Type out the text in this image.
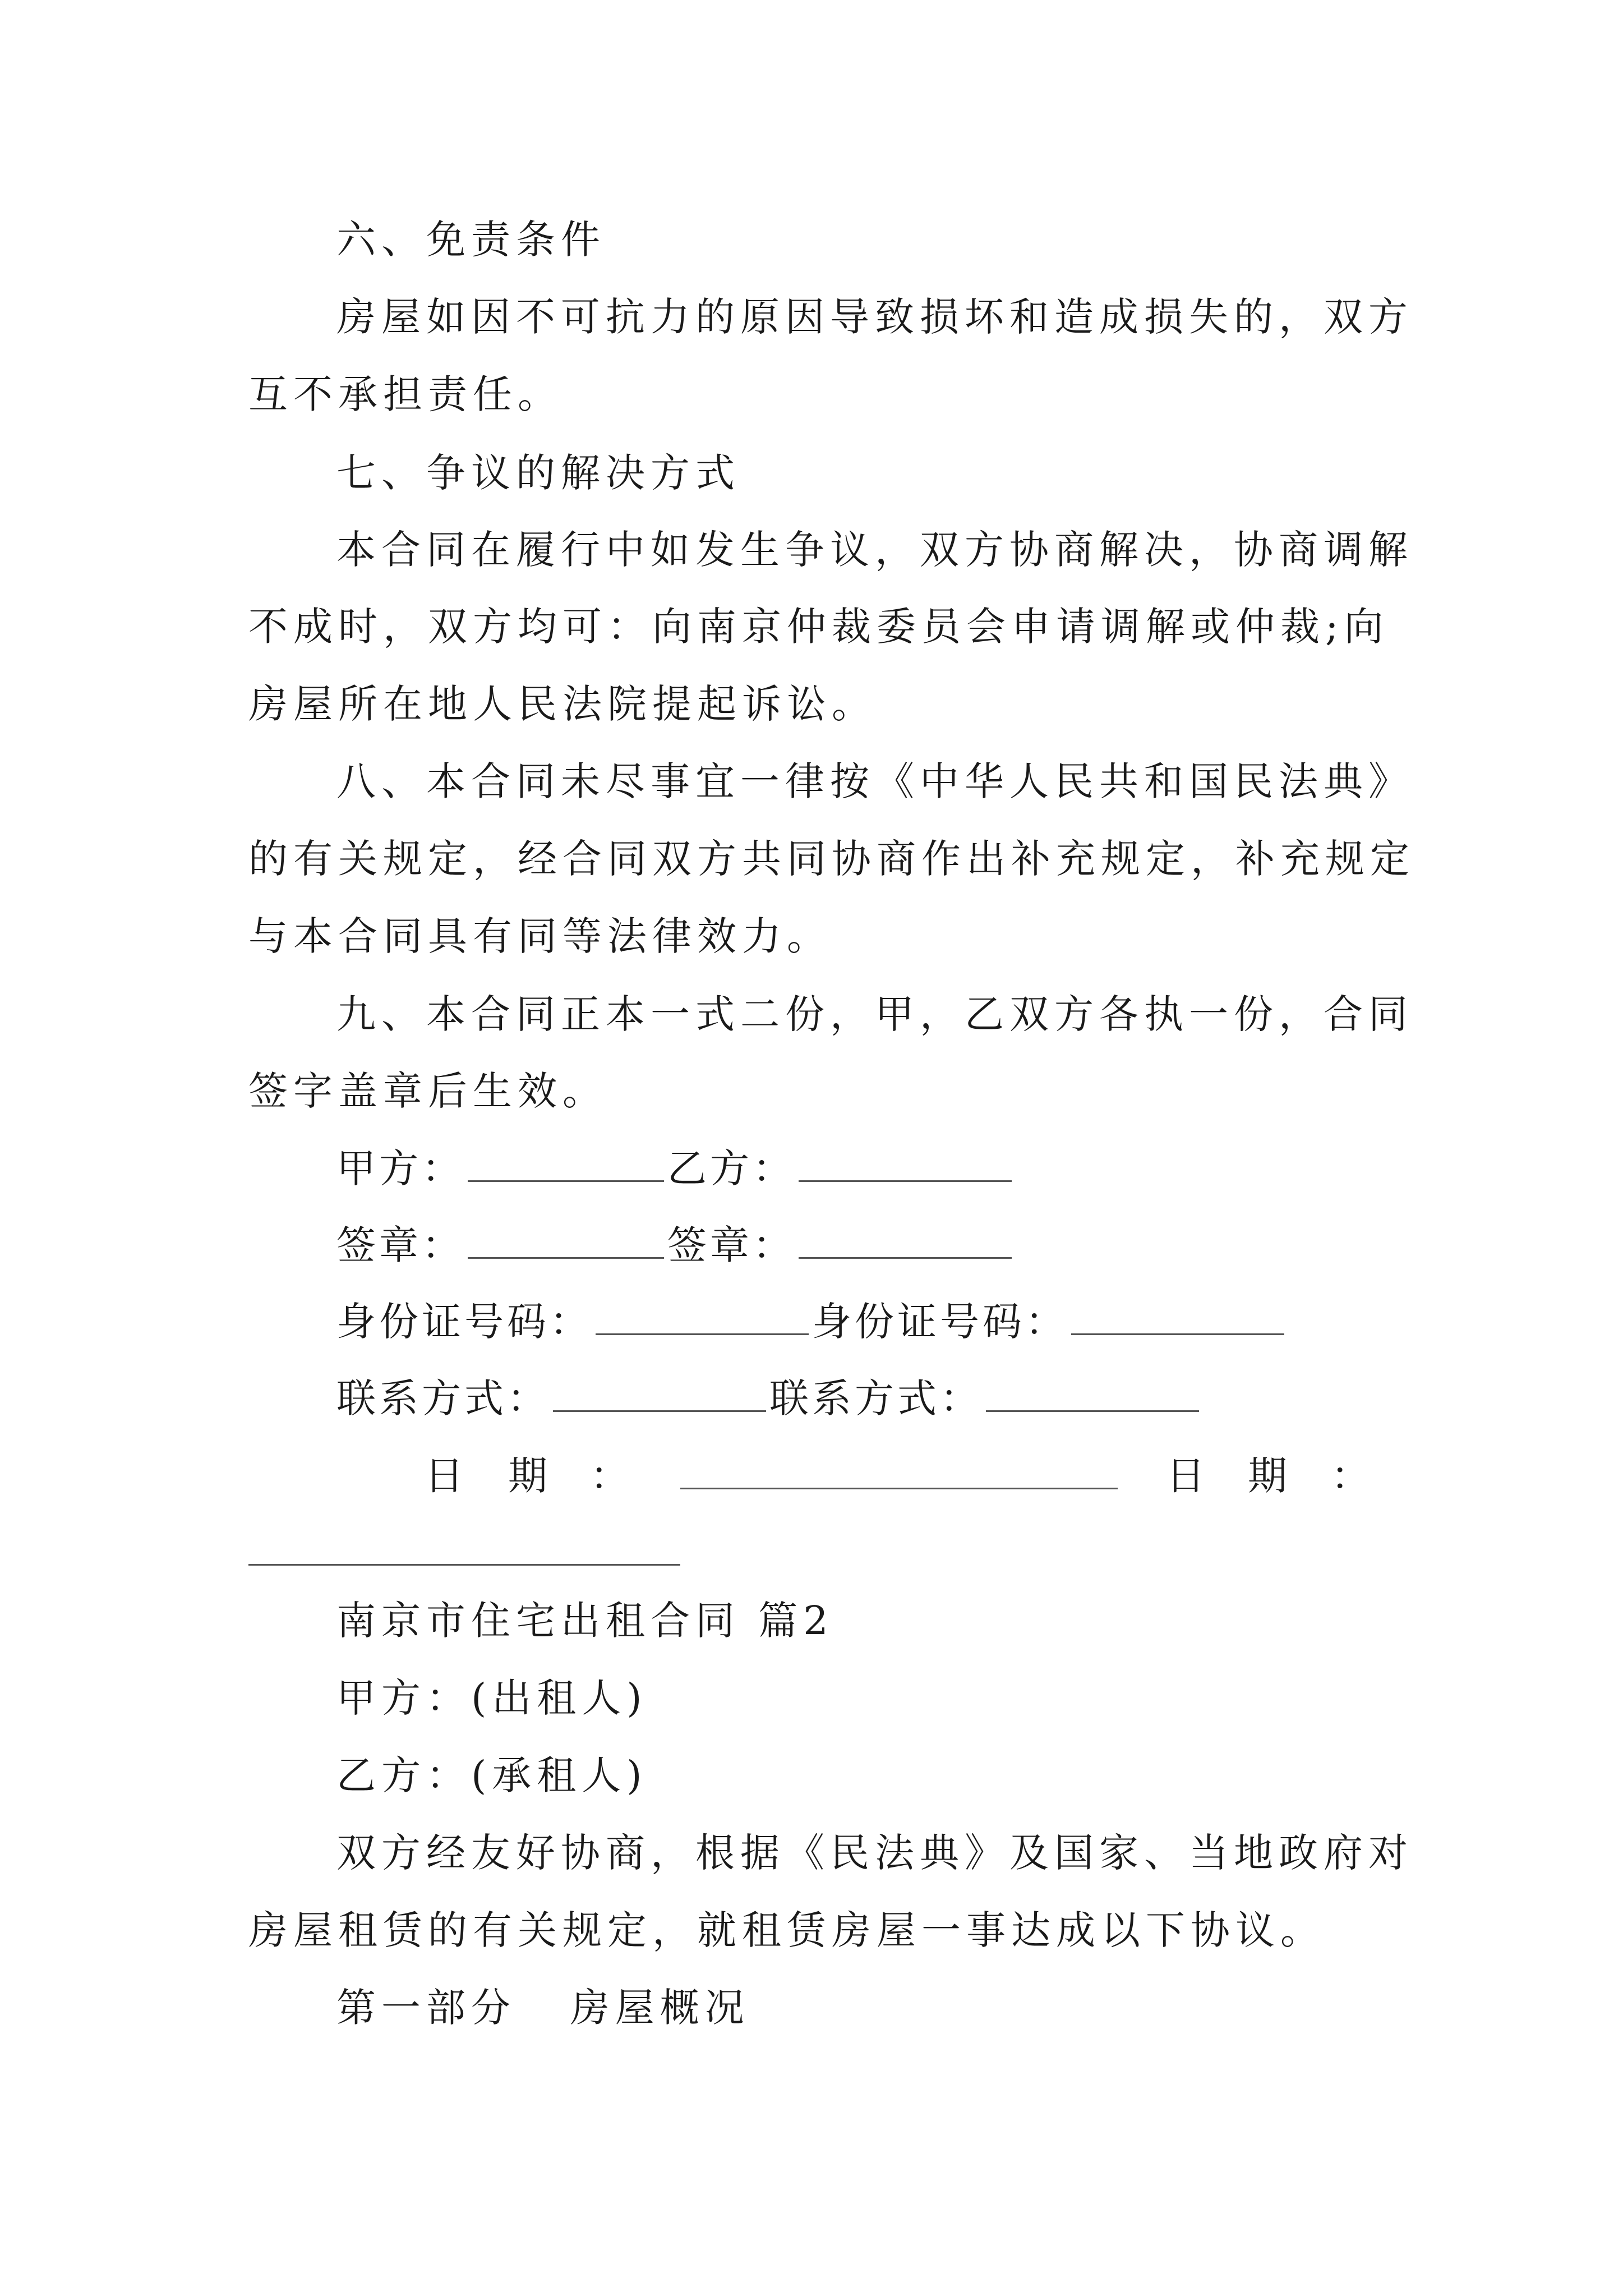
六、免责条件
房屋如因不可抗力的原因导致损坏和造成损失的，双方
互不承担责任。
七、争议的解决方式
本合同在履行中如发生争议，双方协商解决，协商调解
不成时，双方均可：向南京仲裁委员会申请调解或仲裁;向
房屋所在地人民法院提起诉讼。
八、本合同未尽事宜一律按《中华人民共和国民法典》
的有关规定，经合同双方共同协商作出补充规定，补充规定
与本合同具有同等法律效力。
九、本合同正本一式二份，甲，乙双方各执一份，合同
签字盖章后生效。
甲方：	乙方：
签章：	签章：
身份证号码：	身份证号码：
联系方式：	联系方式：
日 期 ：	日 期 ：
南京市住宅出租合同 篇2
甲方：(出租人)
乙方：(承租人)
双方经友好协商，根据《民法典》及国家、当地政府对
房屋租赁的有关规定，就租赁房屋一事达成以下协议。
第一部分   房屋概况
